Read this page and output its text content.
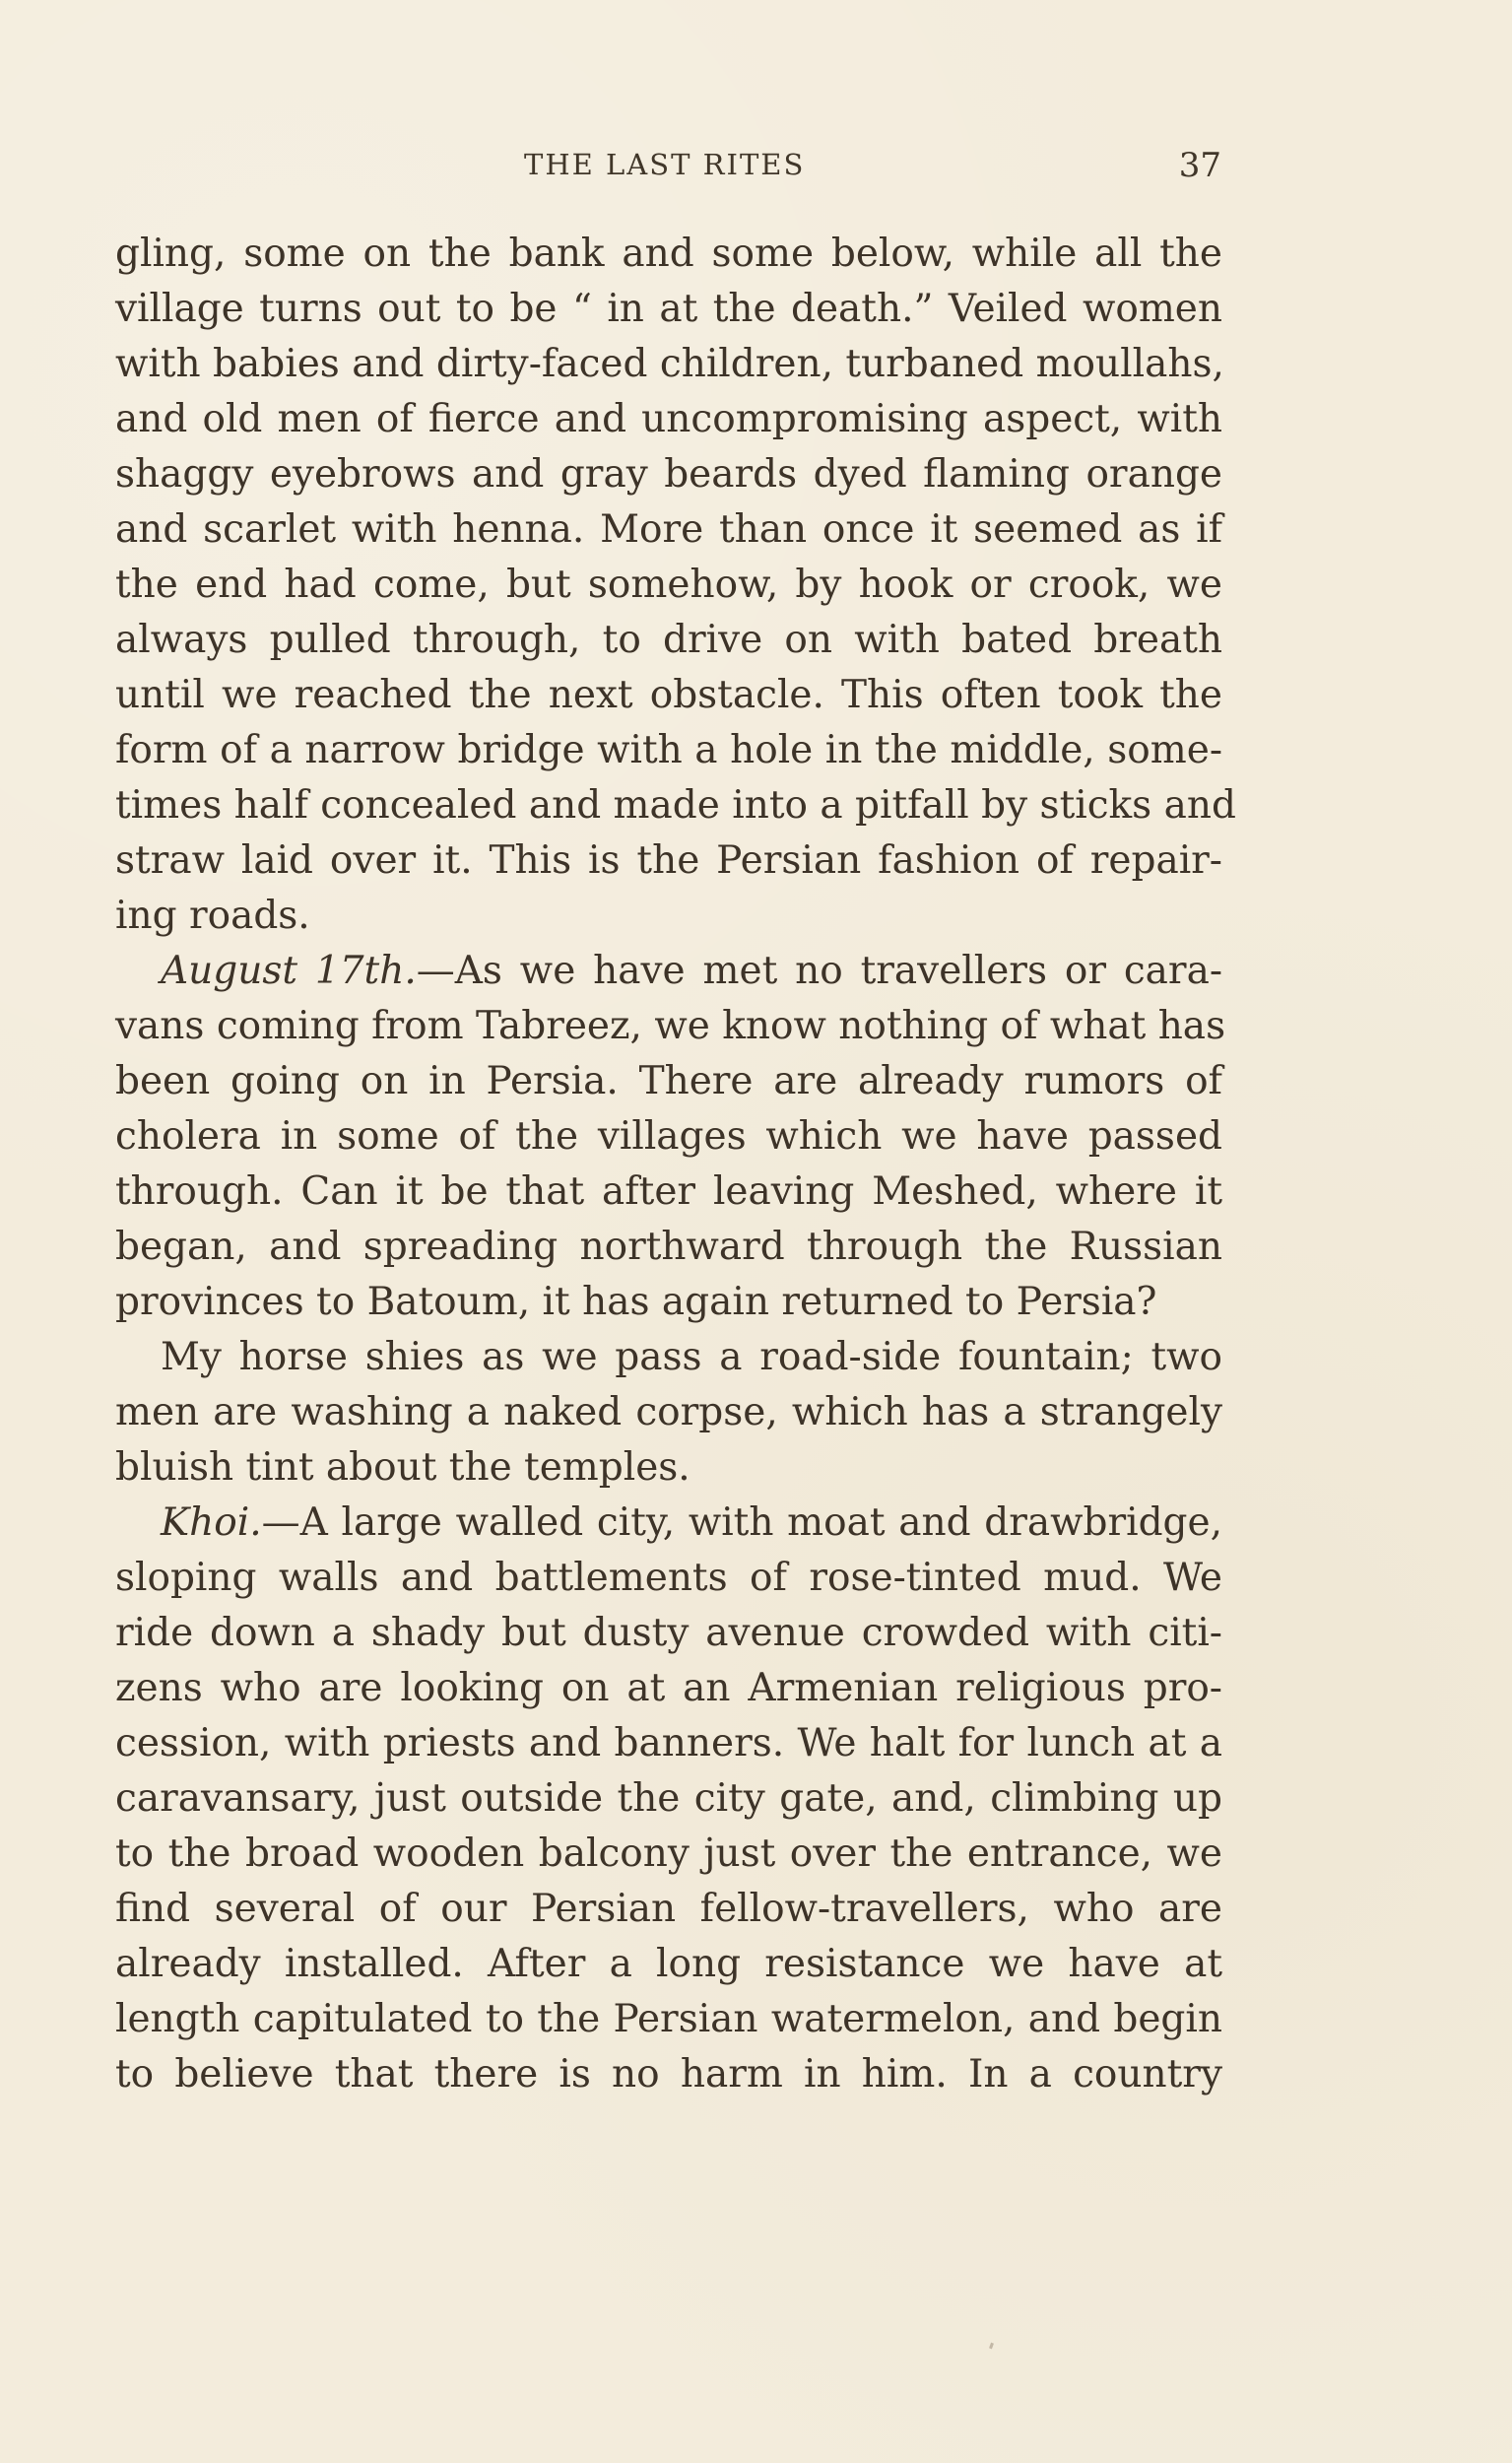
THE LAST RITES	37
gling, some on the bank and some below, while all the
village turns out to be “ in at the death.” Veiled women
with babies and dirty-faced children, turbaned moullahs,
and old men of fierce and uncompromising aspect, with
shaggy eyebrows and gray beards dyed flaming orange
and scarlet with henna. More than once it seemed as if
the end had come, but somehow, by hook or crook, we
always pulled through, to drive on with bated breath
until we reached the next obstacle. This often took the
form of a narrow bridge with a hole in the middle, some-
times half concealed and made into a pitfall by sticks and
straw laid over it. This is the Persian fashion of repair-
ing roads.
August 17th.—As we have met no travellers or cara-
vans coming from Tabreez, we know nothing of what has
been going on in Persia. There are already rumors of
cholera in some of the villages which we have passed
through. Can it be that after leaving Meshed, where it
began, and spreading northward through the Russian
provinces to Batoum, it has again returned to Persia?
My horse shies as we pass a road-side fountain; two
men are washing a naked corpse, which has a strangely
bluish tint about the temples.
Khoi.—A large walled city, with moat and drawbridge,
sloping walls and battlements of rose-tinted mud. We
ride down a shady but dusty avenue crowded with citi-
zens who are looking on at an Armenian religious pro-
cession, with priests and banners. We halt for lunch at a
caravansary, just outside the city gate, and, climbing up
to the broad wooden balcony just over the entrance, we
find several of our Persian fellow-travellers, who are
already installed. After a long resistance we have at
length capitulated to the Persian watermelon, and begin
to believe that there is no harm in him. In a country
